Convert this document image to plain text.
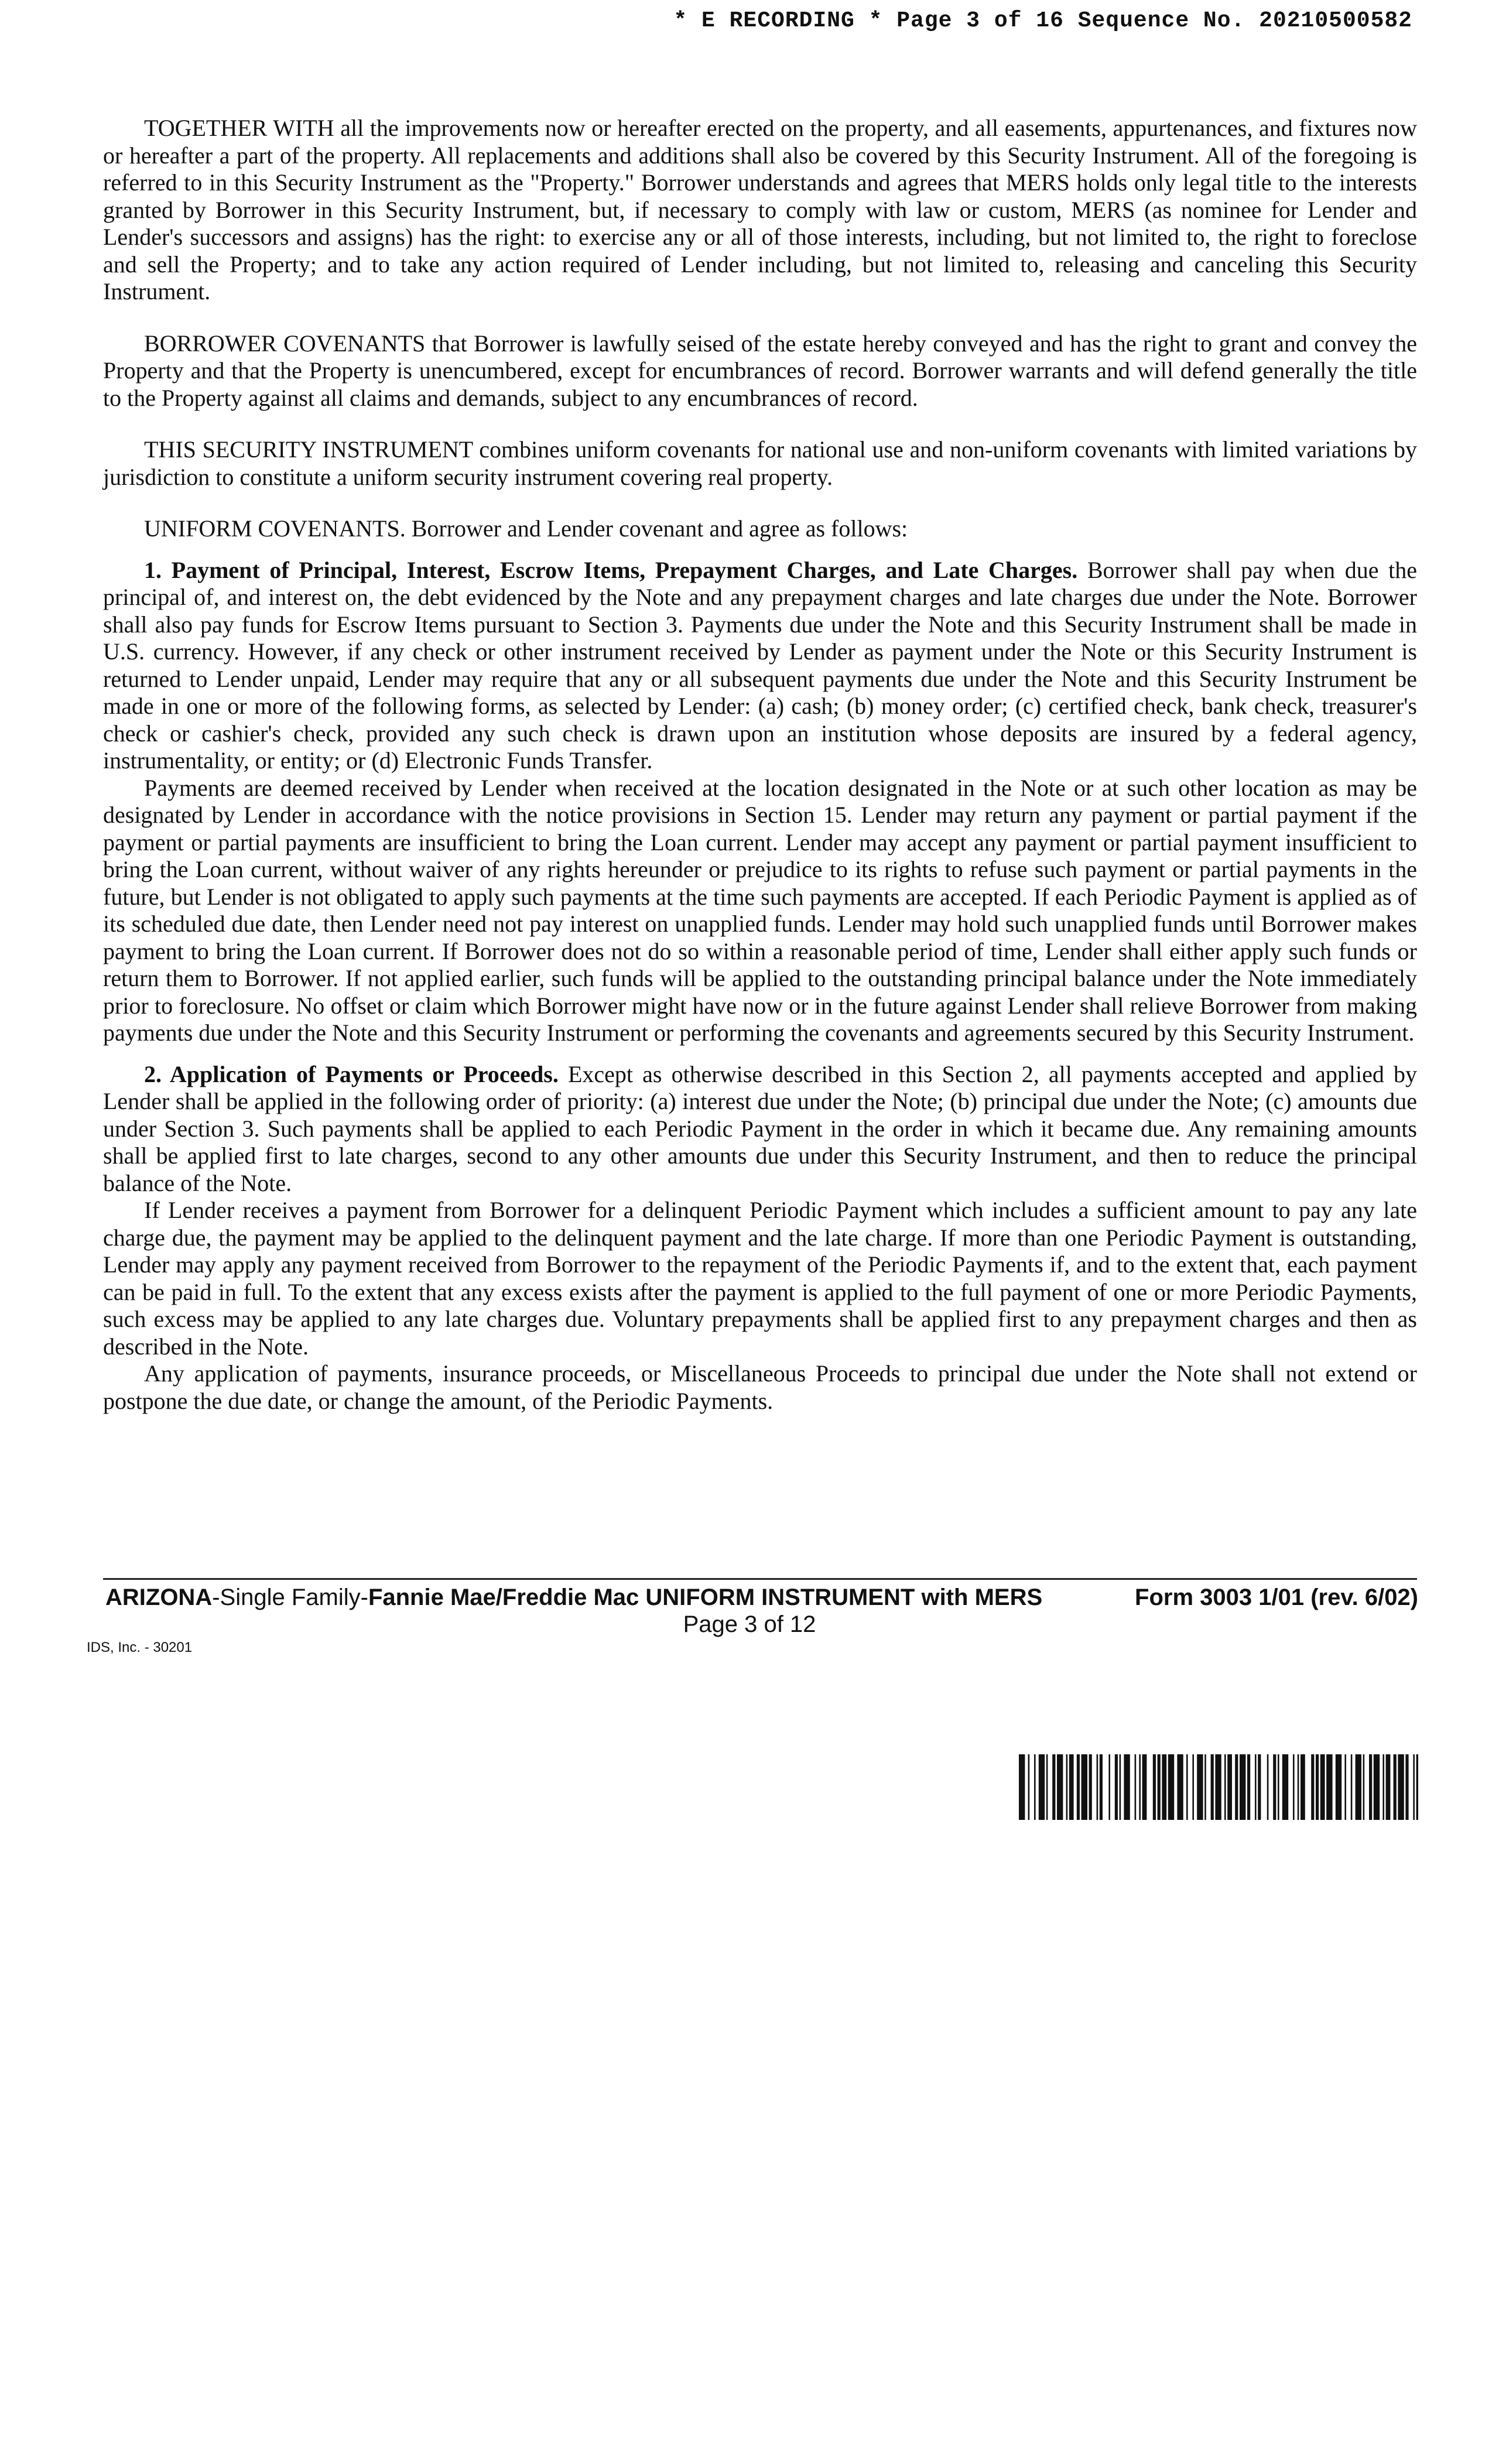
* E RECORDING * Page 3 of 16 Sequence No. 20210500582

TOGETHER WITH all the improvements now or hereafter erected on the property, and all easements, appurtenances, and fixtures now or hereafter a part of the property. All replacements and additions shall also be covered by this Security Instrument. All of the foregoing is referred to in this Security Instrument as the "Property." Borrower understands and agrees that MERS holds only legal title to the interests granted by Borrower in this Security Instrument, but, if necessary to comply with law or custom, MERS (as nominee for Lender and Lender's successors and assigns) has the right: to exercise any or all of those interests, including, but not limited to, the right to foreclose and sell the Property; and to take any action required of Lender including, but not limited to, releasing and canceling this Security Instrument.

BORROWER COVENANTS that Borrower is lawfully seised of the estate hereby conveyed and has the right to grant and convey the Property and that the Property is unencumbered, except for encumbrances of record. Borrower warrants and will defend generally the title to the Property against all claims and demands, subject to any encumbrances of record.

THIS SECURITY INSTRUMENT combines uniform covenants for national use and non-uniform covenants with limited variations by jurisdiction to constitute a uniform security instrument covering real property.

UNIFORM COVENANTS. Borrower and Lender covenant and agree as follows:

1. Payment of Principal, Interest, Escrow Items, Prepayment Charges, and Late Charges. Borrower shall pay when due the principal of, and interest on, the debt evidenced by the Note and any prepayment charges and late charges due under the Note. Borrower shall also pay funds for Escrow Items pursuant to Section 3. Payments due under the Note and this Security Instrument shall be made in U.S. currency. However, if any check or other instrument received by Lender as payment under the Note or this Security Instrument is returned to Lender unpaid, Lender may require that any or all subsequent payments due under the Note and this Security Instrument be made in one or more of the following forms, as selected by Lender: (a) cash; (b) money order; (c) certified check, bank check, treasurer's check or cashier's check, provided any such check is drawn upon an institution whose deposits are insured by a federal agency, instrumentality, or entity; or (d) Electronic Funds Transfer.

Payments are deemed received by Lender when received at the location designated in the Note or at such other location as may be designated by Lender in accordance with the notice provisions in Section 15. Lender may return any payment or partial payment if the payment or partial payments are insufficient to bring the Loan current. Lender may accept any payment or partial payment insufficient to bring the Loan current, without waiver of any rights hereunder or prejudice to its rights to refuse such payment or partial payments in the future, but Lender is not obligated to apply such payments at the time such payments are accepted. If each Periodic Payment is applied as of its scheduled due date, then Lender need not pay interest on unapplied funds. Lender may hold such unapplied funds until Borrower makes payment to bring the Loan current. If Borrower does not do so within a reasonable period of time, Lender shall either apply such funds or return them to Borrower. If not applied earlier, such funds will be applied to the outstanding principal balance under the Note immediately prior to foreclosure. No offset or claim which Borrower might have now or in the future against Lender shall relieve Borrower from making payments due under the Note and this Security Instrument or performing the covenants and agreements secured by this Security Instrument.

2. Application of Payments or Proceeds. Except as otherwise described in this Section 2, all payments accepted and applied by Lender shall be applied in the following order of priority: (a) interest due under the Note; (b) principal due under the Note; (c) amounts due under Section 3. Such payments shall be applied to each Periodic Payment in the order in which it became due. Any remaining amounts shall be applied first to late charges, second to any other amounts due under this Security Instrument, and then to reduce the principal balance of the Note.

If Lender receives a payment from Borrower for a delinquent Periodic Payment which includes a sufficient amount to pay any late charge due, the payment may be applied to the delinquent payment and the late charge. If more than one Periodic Payment is outstanding, Lender may apply any payment received from Borrower to the repayment of the Periodic Payments if, and to the extent that, each payment can be paid in full. To the extent that any excess exists after the payment is applied to the full payment of one or more Periodic Payments, such excess may be applied to any late charges due. Voluntary prepayments shall be applied first to any prepayment charges and then as described in the Note.

Any application of payments, insurance proceeds, or Miscellaneous Proceeds to principal due under the Note shall not extend or postpone the due date, or change the amount, of the Periodic Payments.

ARIZONA-Single Family-Fannie Mae/Freddie Mac UNIFORM INSTRUMENT with MERS	Form 3003 1/01 (rev. 6/02)
Page 3 of 12
IDS, Inc. - 30201
